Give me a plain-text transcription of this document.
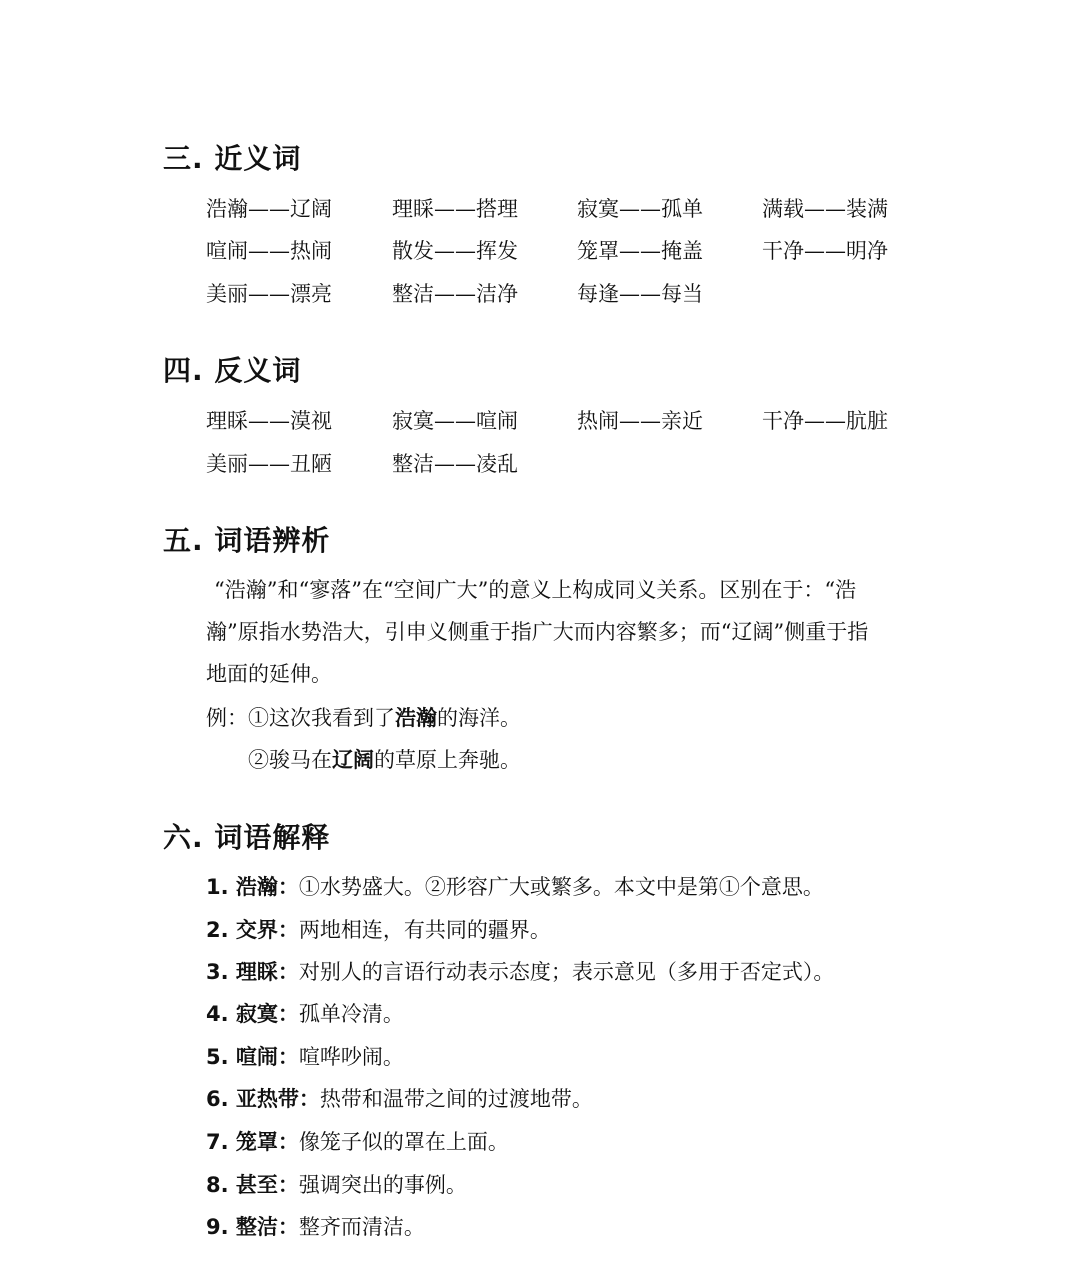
三. 近义词
浩瀚——辽阔	理睬——搭理	寂寞——孤单	满载——装满
喧闹——热闹	散发——挥发	笼罩——掩盖	干净——明净
美丽——漂亮	整洁——洁净	每逢——每当
四. 反义词
理睬——漠视	寂寞——喧闹	热闹——亲近	干净——肮脏
美丽——丑陋	整洁——凌乱
五. 词语辨析
“浩瀚”和“寥落”在“空间广大”的意义上构成同义关系。区别在于：“浩
瀚”原指水势浩大，引申义侧重于指广大而内容繁多；而“辽阔”侧重于指
地面的延伸。
例：①这次我看到了浩瀚的海洋。
②骏马在辽阔的草原上奔驰。
六. 词语解释
1. 浩瀚：①水势盛大。②形容广大或繁多。本文中是第①个意思。
2. 交界：两地相连，有共同的疆界。
3. 理睬：对别人的言语行动表示态度；表示意见（多用于否定式）。
4. 寂寞：孤单冷清。
5. 喧闹：喧哗吵闹。
6. 亚热带：热带和温带之间的过渡地带。
7. 笼罩：像笼子似的罩在上面。
8. 甚至：强调突出的事例。
9. 整洁：整齐而清洁。
